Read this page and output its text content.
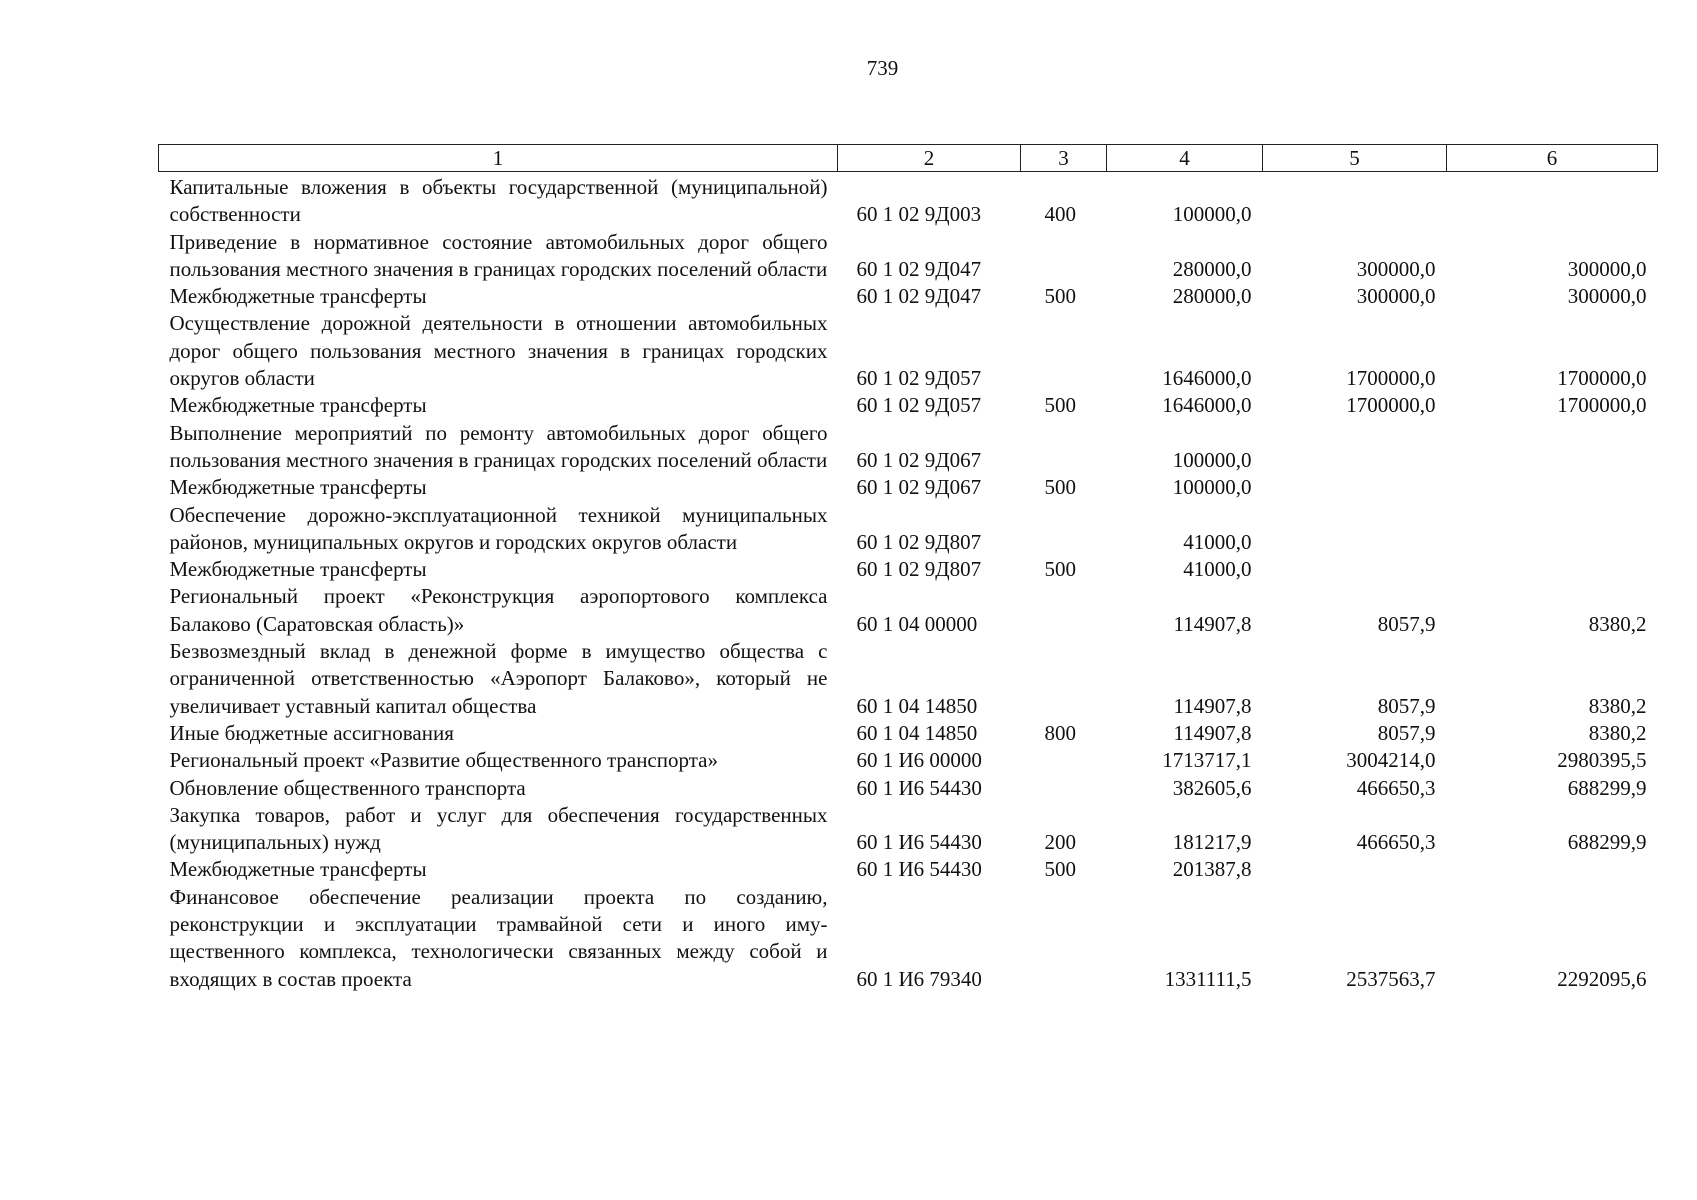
739
1	2	3	4	5	6
Капитальные вложения в объекты государственной (муниципальной) собственности	60 1 02 9Д003	400	100000,0		
Приведение в нормативное состояние автомобильных дорог общего пользования местного значения в границах городских поселений области	60 1 02 9Д047		280000,0	300000,0	300000,0
Межбюджетные трансферты	60 1 02 9Д047	500	280000,0	300000,0	300000,0
Осуществление дорожной деятельности в отношении автомобильных дорог общего пользования местного значения в границах городских округов области	60 1 02 9Д057		1646000,0	1700000,0	1700000,0
Межбюджетные трансферты	60 1 02 9Д057	500	1646000,0	1700000,0	1700000,0
Выполнение мероприятий по ремонту автомобильных дорог общего пользования местного значения в границах городских поселений области	60 1 02 9Д067		100000,0		
Межбюджетные трансферты	60 1 02 9Д067	500	100000,0		
Обеспечение дорожно-эксплуатационной техникой муниципальных районов, муниципальных округов и городских округов области	60 1 02 9Д807		41000,0		
Межбюджетные трансферты	60 1 02 9Д807	500	41000,0		
Региональный проект «Реконструкция аэропортового комплекса Балаково (Саратовская область)»	60 1 04 00000		114907,8	8057,9	8380,2
Безвозмездный вклад в денежной форме в имущество общества с ограниченной ответственностью «Аэропорт Балаково», который не увеличивает уставный капитал общества	60 1 04 14850		114907,8	8057,9	8380,2
Иные бюджетные ассигнования	60 1 04 14850	800	114907,8	8057,9	8380,2
Региональный проект «Развитие общественного транспорта»	60 1 И6 00000		1713717,1	3004214,0	2980395,5
Обновление общественного транспорта	60 1 И6 54430		382605,6	466650,3	688299,9
Закупка товаров, работ и услуг для обеспечения государственных (муниципальных) нужд	60 1 И6 54430	200	181217,9	466650,3	688299,9
Межбюджетные трансферты	60 1 И6 54430	500	201387,8		
Финансовое обеспечение реализации проекта по созданию, реконструкции и эксплуатации трамвайной сети и иного имущественного комплекса, технологически связанных между собой и входящих в состав проекта	60 1 И6 79340		1331111,5	2537563,7	2292095,6
